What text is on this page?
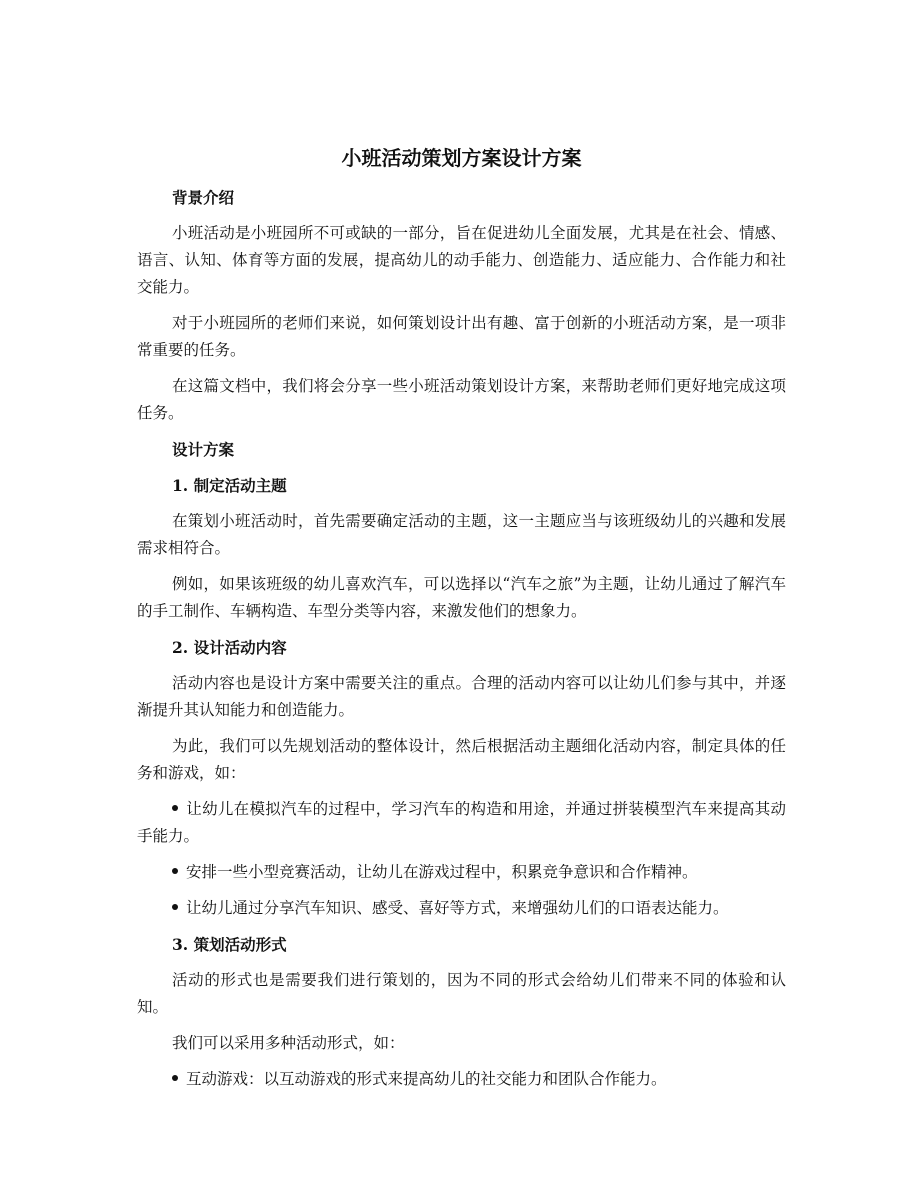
小班活动策划方案设计方案
背景介绍

小班活动是小班园所不可或缺的一部分，旨在促进幼儿全面发展，尤其是在社会、情感、语言、认知、体育等方面的发展，提高幼儿的动手能力、创造能力、适应能力、合作能力和社交能力。

对于小班园所的老师们来说，如何策划设计出有趣、富于创新的小班活动方案，是一项非常重要的任务。

在这篇文档中，我们将会分享一些小班活动策划设计方案，来帮助老师们更好地完成这项任务。

设计方案
1. 制定活动主题

在策划小班活动时，首先需要确定活动的主题，这一主题应当与该班级幼儿的兴趣和发展需求相符合。

例如，如果该班级的幼儿喜欢汽车，可以选择以“汽车之旅”为主题，让幼儿通过了解汽车的手工制作、车辆构造、车型分类等内容，来激发他们的想象力。

2. 设计活动内容

活动内容也是设计方案中需要关注的重点。合理的活动内容可以让幼儿们参与其中，并逐渐提升其认知能力和创造能力。

为此，我们可以先规划活动的整体设计，然后根据活动主题细化活动内容，制定具体的任务和游戏，如：

让幼儿在模拟汽车的过程中，学习汽车的构造和用途，并通过拼装模型汽车来提高其动手能力。

安排一些小型竞赛活动，让幼儿在游戏过程中，积累竞争意识和合作精神。

让幼儿通过分享汽车知识、感受、喜好等方式，来增强幼儿们的口语表达能力。

3. 策划活动形式

活动的形式也是需要我们进行策划的，因为不同的形式会给幼儿们带来不同的体验和认知。

我们可以采用多种活动形式，如：

互动游戏：以互动游戏的形式来提高幼儿的社交能力和团队合作能力。
